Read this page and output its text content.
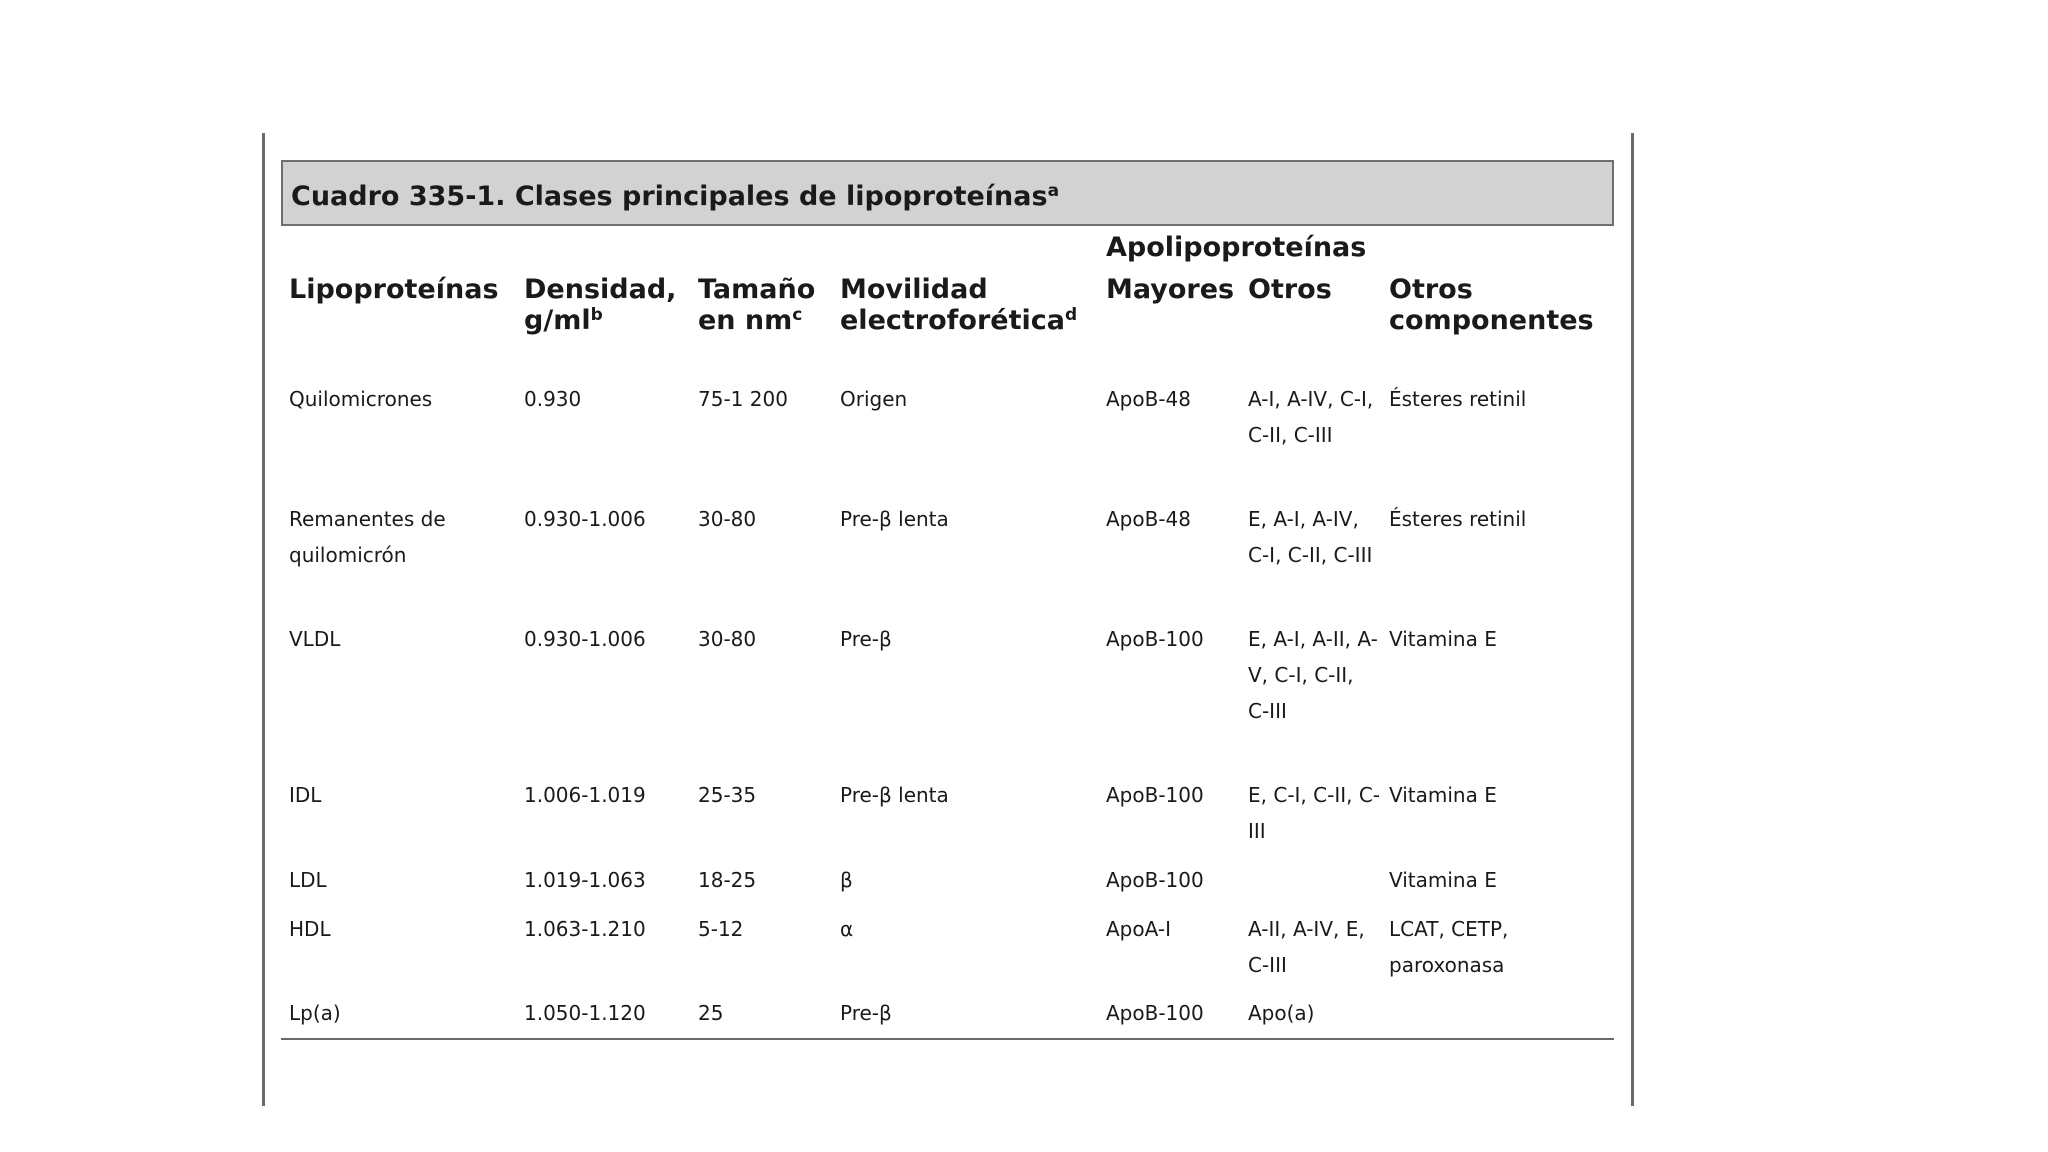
Cuadro 335-1. Clases principales de lipoproteínas$^a$
				Apolipoproteínas		
Lipoproteínas	Densidad, $g/ml^b$	Tamaño en $nm^c$	Movilidad electroforética$^d$	Mayores	Otros	Otros componentes
Quilomicrones	0.930	75-1 200	Origen	ApoB-48	A-I, A-IV, C-I, C-II, C-III	Ésteres retinil
Remanentes de quilomicrón	0.930-1.006	30-80	Pre-β lenta	ApoB-48	E, A-I, A-IV, C-I, C-II, C-III	Ésteres retinil
VLDL	0.930-1.006	30-80	Pre-β	ApoB-100	E, A-I, A-II, A-V, C-I, C-II, C-III	Vitamina E
IDL	1.006-1.019	25-35	Pre-β lenta	ApoB-100	E, C-I, C-II, C-III	Vitamina E
LDL	1.019-1.063	18-25	β	ApoB-100		Vitamina E
HDL	1.063-1.210	5-12	α	ApoA-I	A-II, A-IV, E, C-III	LCAT, CETP, paroxonasa
Lp(a)	1.050-1.120	25	Pre-β	ApoB-100	Apo(a)	
